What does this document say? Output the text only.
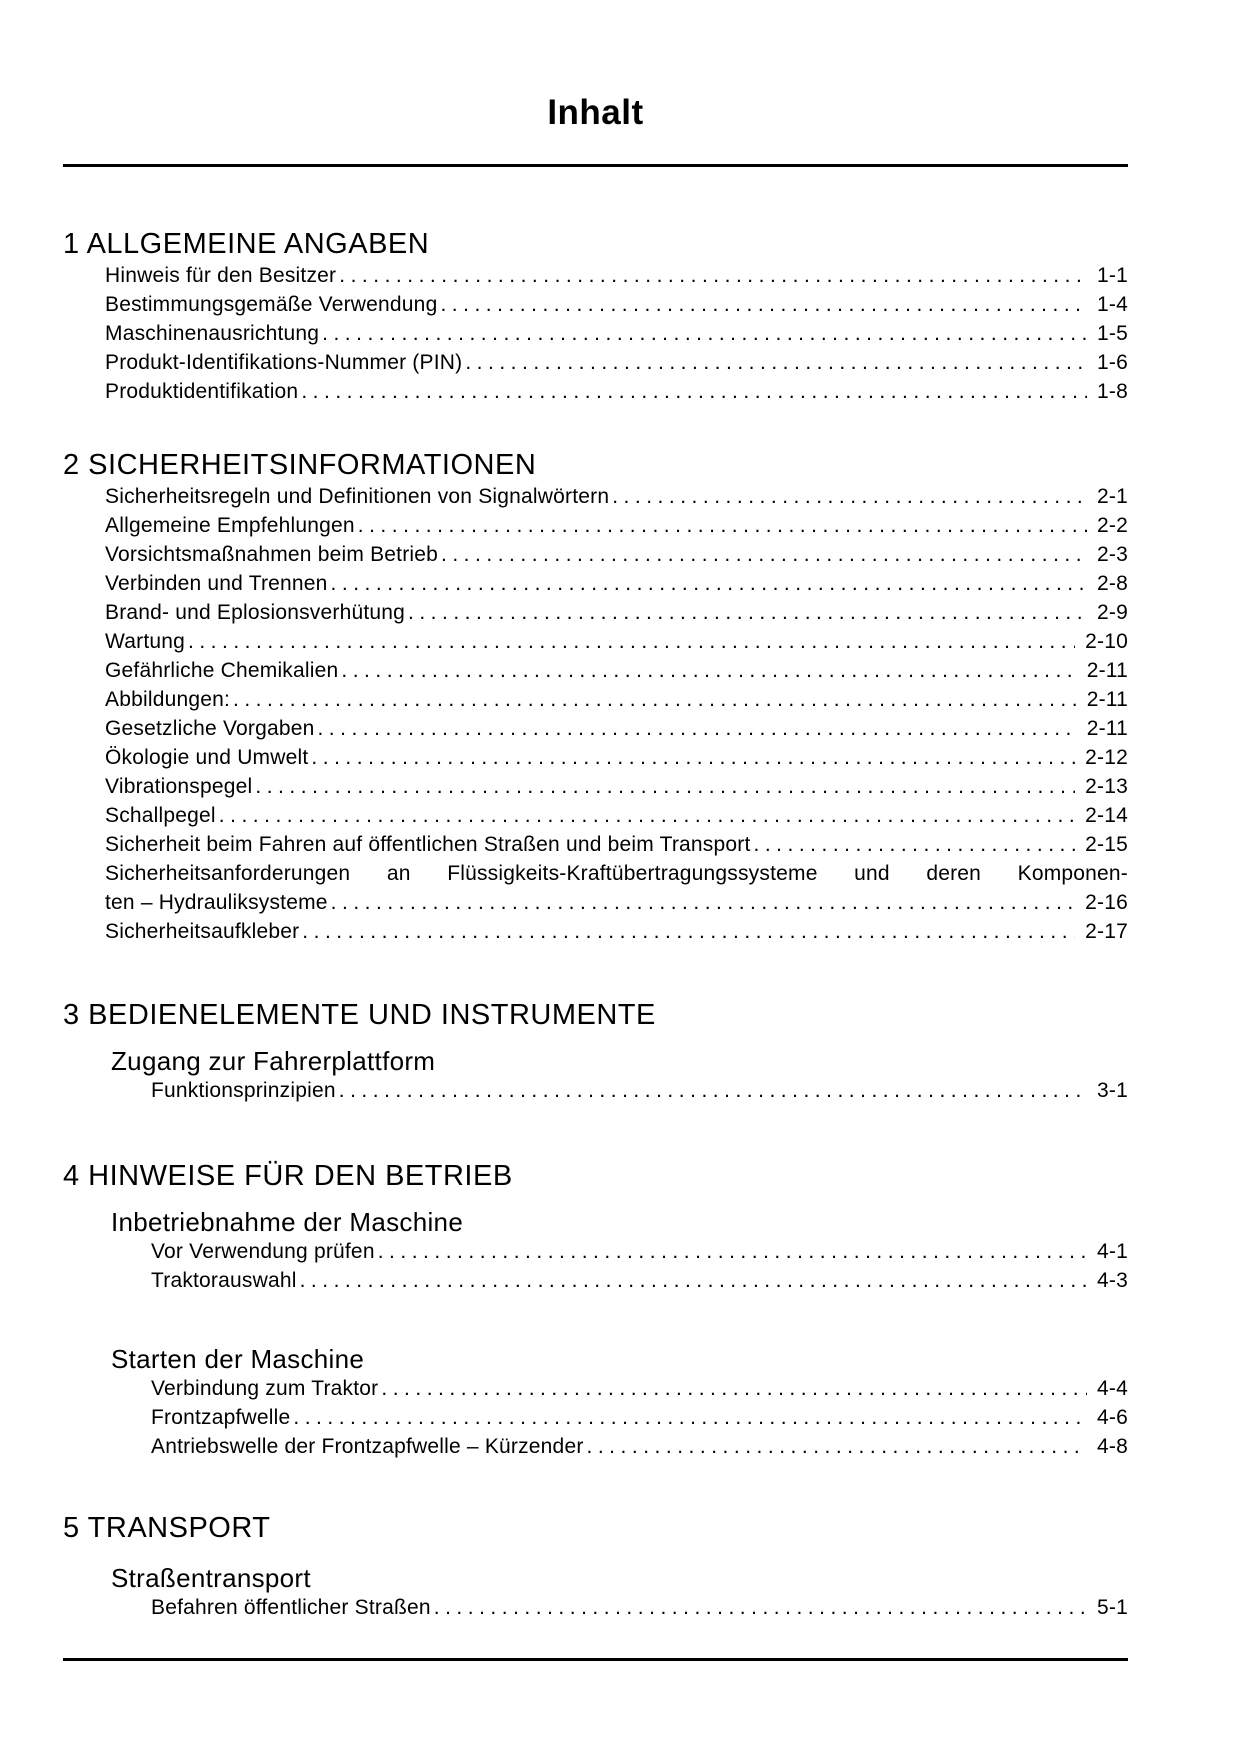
Inhalt
1 ALLGEMEINE ANGABEN
Hinweis für den Besitzer .....	1-1
Bestimmungsgemäße Verwendung .....	1-4
Maschinenausrichtung .....	1-5
Produkt-Identifikations-Nummer (PIN) .....	1-6
Produktidentifikation .....	1-8
2 SICHERHEITSINFORMATIONEN
Sicherheitsregeln und Definitionen von Signalwörtern .....	2-1
Allgemeine Empfehlungen .....	2-2
Vorsichtsmaßnahmen beim Betrieb .....	2-3
Verbinden und Trennen .....	2-8
Brand- und Eplosionsverhütung .....	2-9
Wartung .....	2-10
Gefährliche Chemikalien .....	2-11
Abbildungen: .....	2-11
Gesetzliche Vorgaben .....	2-11
Ökologie und Umwelt .....	2-12
Vibrationspegel .....	2-13
Schallpegel .....	2-14
Sicherheit beim Fahren auf öffentlichen Straßen und beim Transport .....	2-15
Sicherheitsanforderungen an Flüssigkeits-Kraftübertragungssysteme und deren Komponen-
ten – Hydrauliksysteme .....	2-16
Sicherheitsaufkleber .....	2-17
3 BEDIENELEMENTE UND INSTRUMENTE
Zugang zur Fahrerplattform
Funktionsprinzipien .....	3-1
4 HINWEISE FÜR DEN BETRIEB
Inbetriebnahme der Maschine
Vor Verwendung prüfen .....	4-1
Traktorauswahl .....	4-3
Starten der Maschine
Verbindung zum Traktor .....	4-4
Frontzapfwelle .....	4-6
Antriebswelle der Frontzapfwelle – Kürzender .....	4-8
5 TRANSPORT
Straßentransport
Befahren öffentlicher Straßen .....	5-1
